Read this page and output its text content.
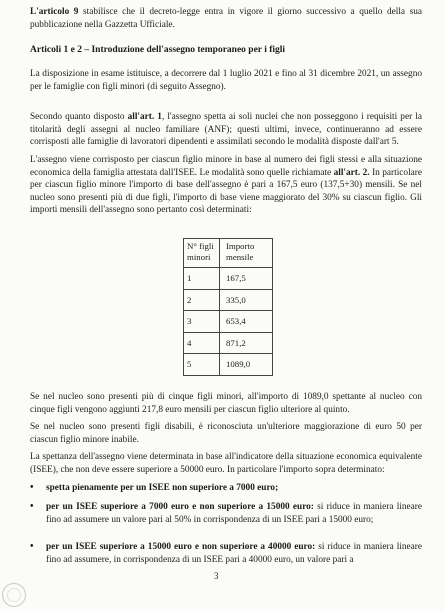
L'articolo 9 stabilisce che il decreto-legge entra in vigore il giorno successivo a quello della sua pubblicazione nella Gazzetta Ufficiale.

Articoli 1 e 2 – Introduzione dell'assegno temporaneo per i figli

La disposizione in esame istituisce, a decorrere dal 1 luglio 2021 e fino al 31 dicembre 2021, un assegno per le famiglie con figli minori (di seguito Assegno).

Secondo quanto disposto all'art. 1, l'assegno spetta ai soli nuclei che non posseggono i requisiti per la titolarità degli assegni al nucleo familiare (ANF); questi ultimi, invece, continueranno ad essere corrisposti alle famiglie di lavoratori dipendenti e assimilati secondo le modalità disposte dall'art 5.

L'assegno viene corrisposto per ciascun figlio minore in base al numero dei figli stessi e alla situazione economica della famiglia attestata dall'ISEE. Le modalità sono quelle richiamate all'art. 2. In particolare per ciascun figlio minore l'importo di base dell'assegno è pari a 167,5 euro (137,5+30) mensili. Se nel nucleo sono presenti più di due figli, l'importo di base viene maggiorato del 30% su ciascun figlio. Gli importi mensili dell'assegno sono pertanto così determinati:

N° figli minori	Importo mensile
1	167,5
2	335,0
3	653,4
4	871,2
5	1089,0

Se nel nucleo sono presenti più di cinque figli minori, all'importo di 1089,0 spettante al nucleo con cinque figli vengono aggiunti 217,8 euro mensili per ciascun figlio ulteriore al quinto.

Se nel nucleo sono presenti figli disabili, è riconosciuta un'ulteriore maggiorazione di euro 50 per ciascun figlio minore inabile.

La spettanza dell'assegno viene determinata in base all'indicatore della situazione economica equivalente (ISEE), che non deve essere superiore a 50000 euro. In particolare l'importo sopra determinato:

• spetta pienamente per un ISEE non superiore a 7000 euro;
• per un ISEE superiore a 7000 euro e non superiore a 15000 euro: si riduce in maniera lineare fino ad assumere un valore pari al 50% in corrispondenza di un ISEE pari a 15000 euro;
• per un ISEE superiore a 15000 euro e non superiore a 40000 euro: si riduce in maniera lineare fino ad assumere, in corrispondenza di un ISEE pari a 40000 euro, un valore pari a
3
